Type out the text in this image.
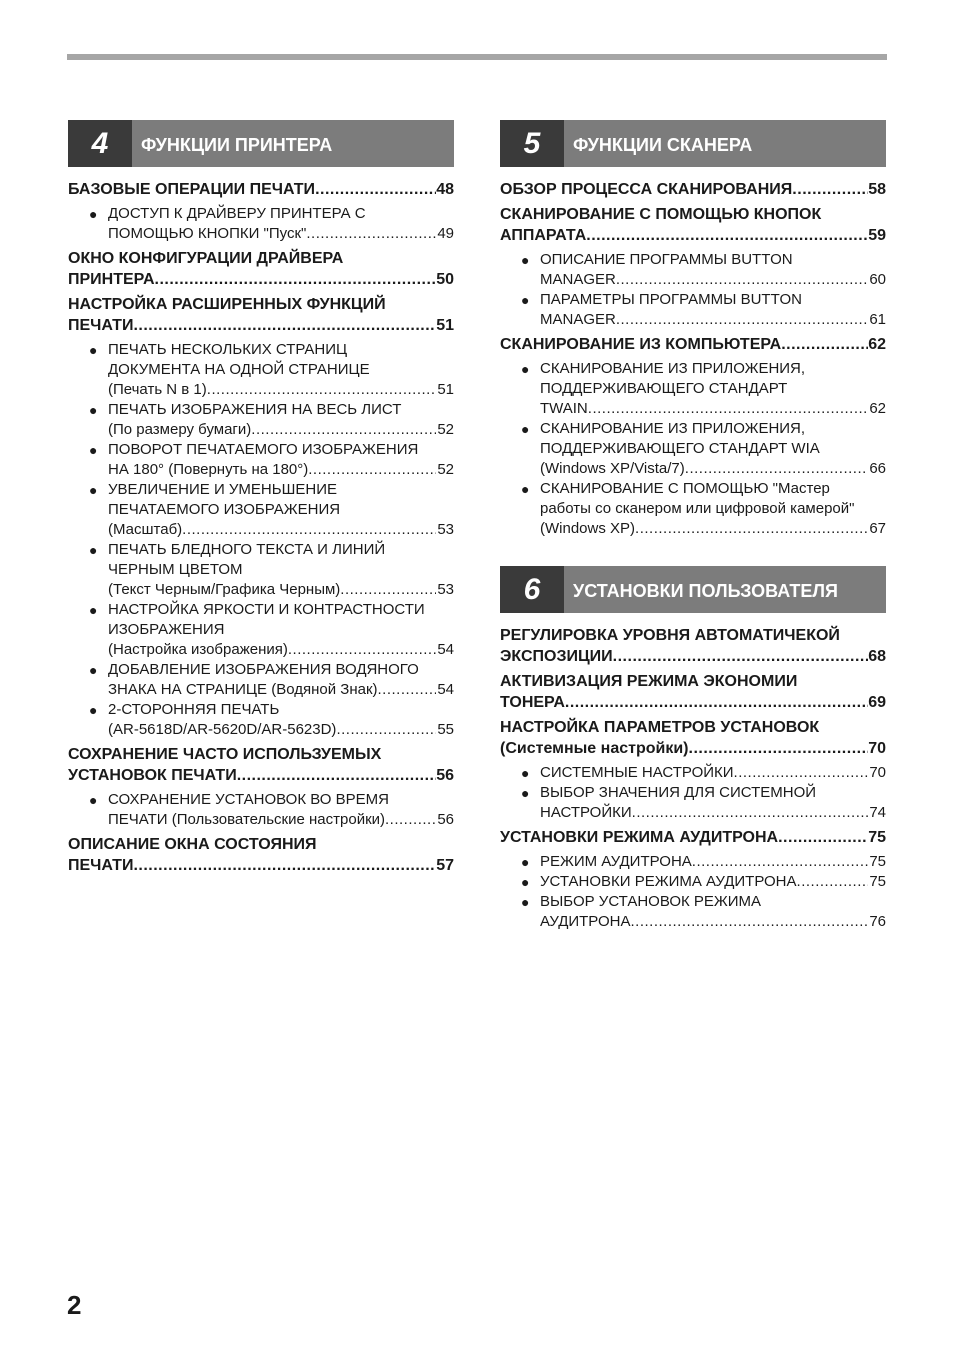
4	ФУНКЦИИ ПРИНТЕРА
БАЗОВЫЕ ОПЕРАЦИИ ПЕЧАТИ .....	48
● ДОСТУП К ДРАЙВЕРУ ПРИНТЕРА С
ПОМОЩЬЮ КНОПКИ "Пуск" .....	49
ОКНО КОНФИГУРАЦИИ ДРАЙВЕРА
ПРИНТЕРА .....	50
НАСТРОЙКА РАСШИРЕННЫХ ФУНКЦИЙ
ПЕЧАТИ .....	51
● ПЕЧАТЬ НЕСКОЛЬКИХ СТРАНИЦ
ДОКУМЕНТА НА ОДНОЙ СТРАНИЦЕ
(Печать N в 1) .....	51
● ПЕЧАТЬ ИЗОБРАЖЕНИЯ НА ВЕСЬ ЛИСТ
(По размеру бумаги) .....	52
● ПОВОРОТ ПЕЧАТАЕМОГО ИЗОБРАЖЕНИЯ
НА 180° (Повернуть на 180°) .....	52
● УВЕЛИЧЕНИЕ И УМЕНЬШЕНИЕ
ПЕЧАТАЕМОГО ИЗОБРАЖЕНИЯ
(Масштаб) .....	53
● ПЕЧАТЬ БЛЕДНОГО ТЕКСТА И ЛИНИЙ
ЧЕРНЫМ ЦВЕТОМ
(Текст Черным/Графика Черным) .....	53
● НАСТРОЙКА ЯРКОСТИ И КОНТРАСТНОСТИ
ИЗОБРАЖЕНИЯ
(Настройка изображения) .....	54
● ДОБАВЛЕНИЕ ИЗОБРАЖЕНИЯ ВОДЯНОГО
ЗНАКА НА СТРАНИЦЕ (Водяной Знак) .....	54
● 2-СТОРОННЯЯ ПЕЧАТЬ
(AR-5618D/AR-5620D/AR-5623D) .....	55
СОХРАНЕНИЕ ЧАСТО ИСПОЛЬЗУЕМЫХ
УСТАНОВОК ПЕЧАТИ .....	56
● СОХРАНЕНИЕ УСТАНОВОК ВО ВРЕМЯ
ПЕЧАТИ (Пользовательские настройки) .....	56
ОПИСАНИЕ ОКНА СОСТОЯНИЯ
ПЕЧАТИ .....	57
5	ФУНКЦИИ СКАНЕРА
ОБЗОР ПРОЦЕССА СКАНИРОВАНИЯ .....	58
СКАНИРОВАНИЕ С ПОМОЩЬЮ КНОПОК
АППАРАТА .....	59
● ОПИСАНИЕ ПРОГРАММЫ BUTTON
MANAGER .....	60
● ПАРАМЕТРЫ ПРОГРАММЫ BUTTON
MANAGER .....	61
СКАНИРОВАНИЕ ИЗ КОМПЬЮТЕРА .....	62
● СКАНИРОВАНИЕ ИЗ ПРИЛОЖЕНИЯ,
ПОДДЕРЖИВАЮЩЕГО СТАНДАРТ
TWAIN .....	62
● СКАНИРОВАНИЕ ИЗ ПРИЛОЖЕНИЯ,
ПОДДЕРЖИВАЮЩЕГО СТАНДАРТ WIA
(Windows XP/Vista/7) .....	66
● СКАНИРОВАНИЕ С ПОМОЩЬЮ "Мастер
работы со сканером или цифровой камерой"
(Windows XP) .....	67
6	УСТАНОВКИ ПОЛЬЗОВАТЕЛЯ
РЕГУЛИРОВКА УРОВНЯ АВТОМАТИЧЕКОЙ
ЭКСПОЗИЦИИ .....	68
АКТИВИЗАЦИЯ РЕЖИМА ЭКОНОМИИ
ТОНЕРА .....	69
НАСТРОЙКА ПАРАМЕТРОВ УСТАНОВОК
(Системные настройки) .....	70
● СИСТЕМНЫЕ НАСТРОЙКИ .....	70
● ВЫБОР ЗНАЧЕНИЯ ДЛЯ СИСТЕМНОЙ
НАСТРОЙКИ .....	74
УСТАНОВКИ РЕЖИМА АУДИТРОНА .....	75
● РЕЖИМ АУДИТРОНА .....	75
● УСТАНОВКИ РЕЖИМА АУДИТРОНА .....	75
● ВЫБОР УСТАНОВОК РЕЖИМА
АУДИТРОНА .....	76
2
